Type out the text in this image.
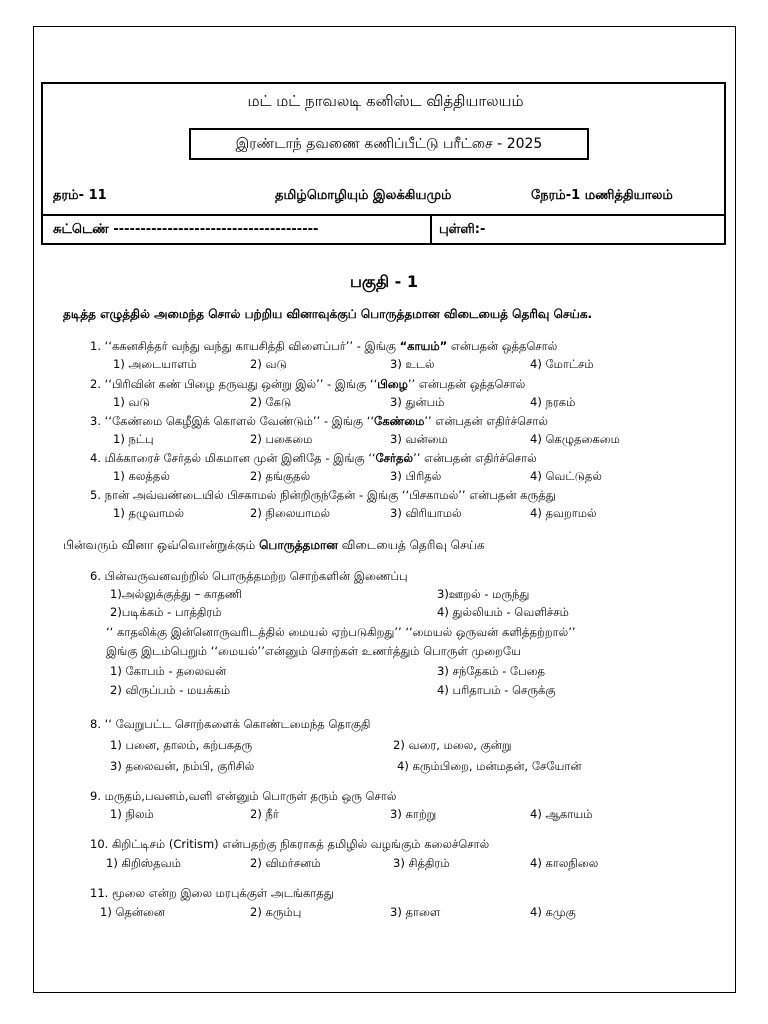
மட் மட் நாவலடி கனிஸ்ட வித்தியாலயம்
இரண்டாந் தவணை கணிப்பீட்டு பரீட்சை - 2025
தரம்- 11	தமிழ்மொழியும் இலக்கியமும்	நேரம்-1 மணித்தியாலம்
சுட்டெண் --------------------------------------	புள்ளி:-
பகுதி - 1
தடித்த எழுத்தில் அமைந்த சொல் பற்றிய வினாவுக்குப் பொருத்தமான விடையைத் தெரிவு செய்க.
1. ‘‘ககனசித்தர் வந்து வந்து காயசித்தி விளைப்பர்’’ - இங்கு “காயம்” என்பதன் ஒத்தசொல்
1) அடையாளம்	2) வடு	3) உடல்	4) மோட்சம்
2. ‘‘பிரிவின் கண் பிழை தருவது ஒன்று இல்’’ - இங்கு ‘‘பிழை’’ என்பதன் ஒத்தசொல்
1) வடு	2) கேடு	3) துன்பம்	4) நரகம்
3. ‘‘கேண்மை கெழீஇக் கொளல் வேண்டும்’’ - இங்கு ‘‘கேண்மை’’ என்பதன் எதிர்ச்சொல்
1) நட்பு	2) பகைமை	3) வன்மை	4) கெழுதகைமை
4. மிக்காரைச் சேர்தல் மிகமான முன் இனிதே - இங்கு ‘‘சேர்தல்’’ என்பதன் எதிர்ச்சொல்
1) கலத்தல்	2) தங்குதல்	3) பிரிதல்	4) வெட்டுதல்
5. நான் அவ்வண்டையில் பிசகாமல் நின்றிருந்தேன் - இங்கு ‘‘பிசகாமல்’’ என்பதன் கருத்து
1) தழுவாமல்	2) நிலையாமல்	3) விரியாமல்	4) தவறாமல்
பின்வரும் வினா ஒவ்வொன்றுக்கும் பொருத்தமான விடையைத் தெரிவு செய்க
6. பின்வருவனவற்றில் பொருத்தமற்ற சொற்களின் இணைப்பு
1)அல்லுக்குத்து – காதணி	3)ஊறல் - மருந்து
2)படிக்கம் - பாத்திரம்	4) துல்லியம் - வெளிச்சம்
‘‘ காதலிக்கு இன்னொருவரிடத்தில் மையல் ஏற்படுகிறது’’ ‘‘மையல் ஒருவன் களித்தற்றால்’’
இங்கு இடம்பெறும் ‘‘மையல்’’என்னும் சொற்கள் உணர்த்தும் பொருள் முறையே
1) கோபம் - தலைவன்	3) சந்தேகம் - பேதை
2) விருப்பம் - மயக்கம்	4) பரிதாபம் - செருக்கு
8. ‘‘ வேறுபட்ட சொற்களைக் கொண்டமைந்த தொகுதி
1) பனை, தாலம், கற்பகதரு	2) வரை, மலை, குன்று
3) தலைவன், நம்பி, குரிசில்	4) கரும்பிறை, மன்மதன், சேயோன்
9. மருதம்,பவனம்,வளி என்னும் பொருள் தரும் ஒரு சொல்
1) நிலம்	2) நீர்	3) காற்று	4) ஆகாயம்
10. கிறிட்டிசம் (Critism) என்பதற்கு நிகராகத் தமிழில் வழங்கும் கலைச்சொல்
1) கிறிஸ்தவம்	2) விமர்சனம்	3) சித்திரம்	4) காலநிலை
11. மூலை என்ற இலை மரபுக்குள் அடங்காதது
1) தென்னை	2) கரும்பு	3) தாளை	4) கமுகு
